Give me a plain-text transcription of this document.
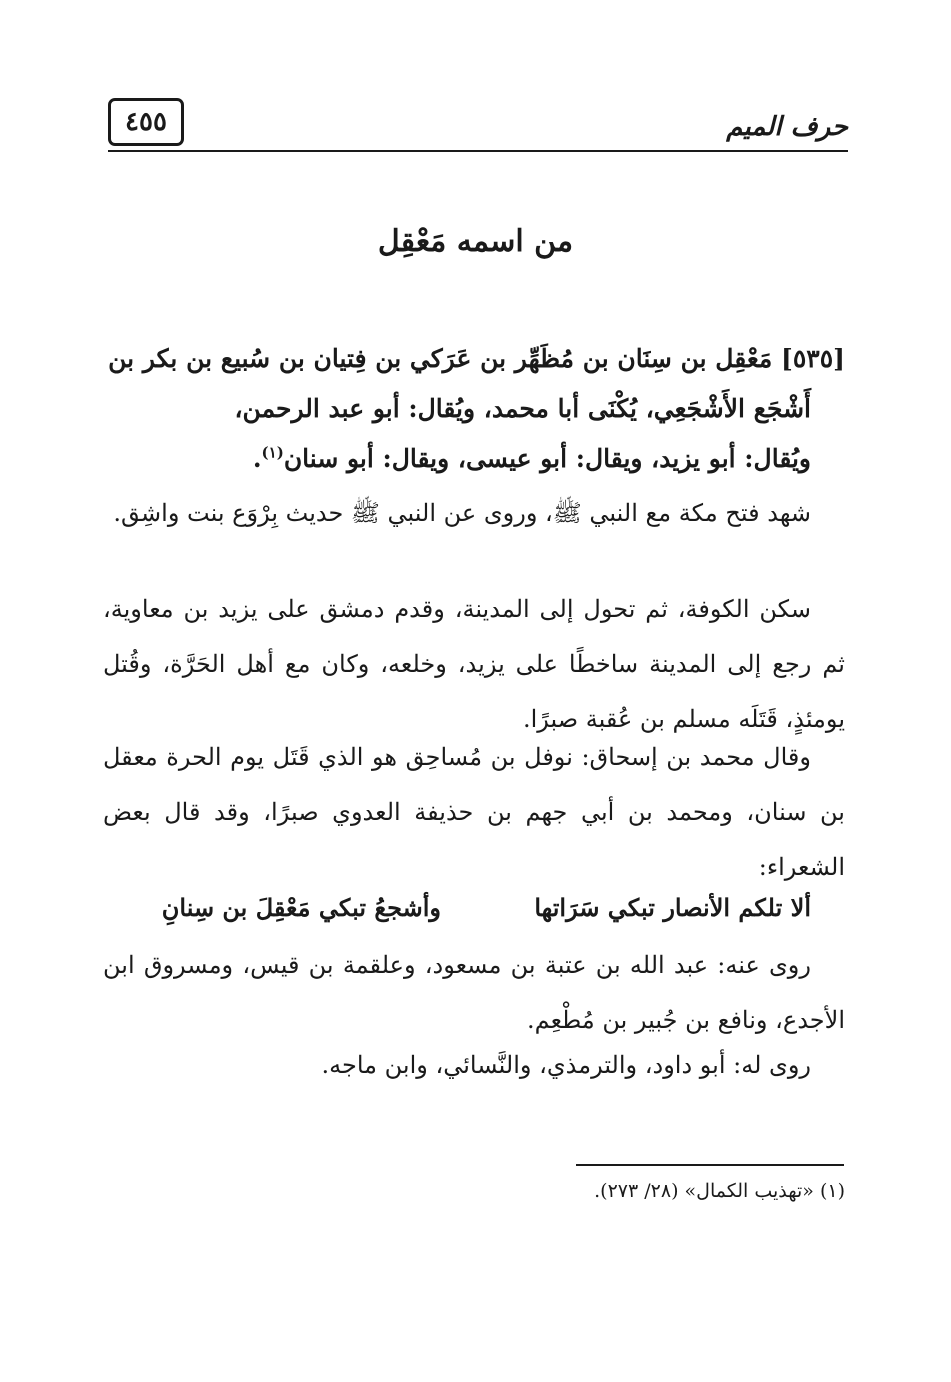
٤٥٥	حرف الميم
من اسمه مَعْقِل
[٥٣٥] مَعْقِل بن سِنَان بن مُظَهِّر بن عَرَكي بن فِتيان بن سُبيع بن بكر بن
أَشْجَع الأَشْجَعِي، يُكْنَى أبا محمد، ويُقال: أبو عبد الرحمن،
ويُقال: أبو يزيد، ويقال: أبو عيسى، ويقال: أبو سنان$^{(١)}$.
شهد فتح مكة مع النبي ﷺ، وروى عن النبي ﷺ حديث بِرْوَع بنت واشِق.
سكن الكوفة، ثم تحول إلى المدينة، وقدم دمشق على يزيد بن معاوية، ثم رجع إلى المدينة ساخطًا على يزيد، وخلعه، وكان مع أهل الحَرَّة، وقُتل يومئذٍ، قَتَلَه مسلم بن عُقبة صبرًا.
وقال محمد بن إسحاق: نوفل بن مُساحِق هو الذي قَتَل يوم الحرة معقل بن سنان، ومحمد بن أبي جهم بن حذيفة العدوي صبرًا، وقد قال بعض الشعراء:
ألا تلكم الأنصار تبكي سَرَاتها
وأشجعُ تبكي مَعْقِلَ بن سِنانِ
روى عنه: عبد الله بن عتبة بن مسعود، وعلقمة بن قيس، ومسروق ابن الأجدع، ونافع بن جُبير بن مُطْعِم.
روى له: أبو داود، والترمذي، والنَّسائي، وابن ماجه.
(١) «تهذيب الكمال» (٢٨/ ٢٧٣).
